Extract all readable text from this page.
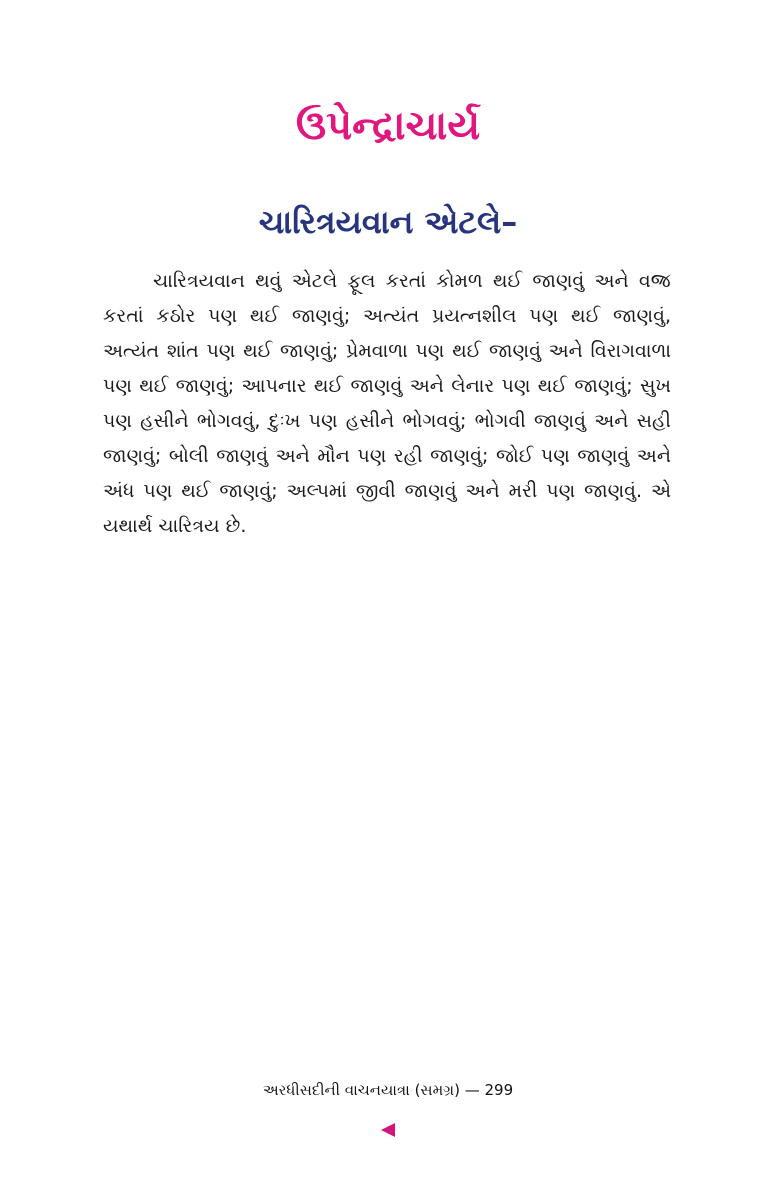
ઉપેન્દ્રાચાર્ય
ચારિત્રયવાન એટલે–

ચારિત્રયવાન થવું એટલે ફૂલ કરતાં કોમળ થઈ જાણવું અને વજ્ર કરતાં કઠોર પણ થઈ જાણવું; અત્યંત પ્રયત્નશીલ પણ થઈ જાણવું, અત્યંત શાંત પણ થઈ જાણવું; પ્રેમવાળા પણ થઈ જાણવું અને વિરાગવાળા પણ થઈ જાણવું; આપનાર થઈ જાણવું અને લેનાર પણ થઈ જાણવું; સુખ પણ હસીને ભોગવવું, દુઃખ પણ હસીને ભોગવવું; ભોગવી જાણવું અને સહી જાણવું; બોલી જાણવું અને મૌન પણ રહી જાણવું; જોઈ પણ જાણવું અને અંધ પણ થઈ જાણવું; અલ્પમાં જીવી જાણવું અને મરી પણ જાણવું. એ યથાર્થ ચારિત્રય છે.

અરધીસદીની વાચનયાત્રા (સમગ્ર) — 299
